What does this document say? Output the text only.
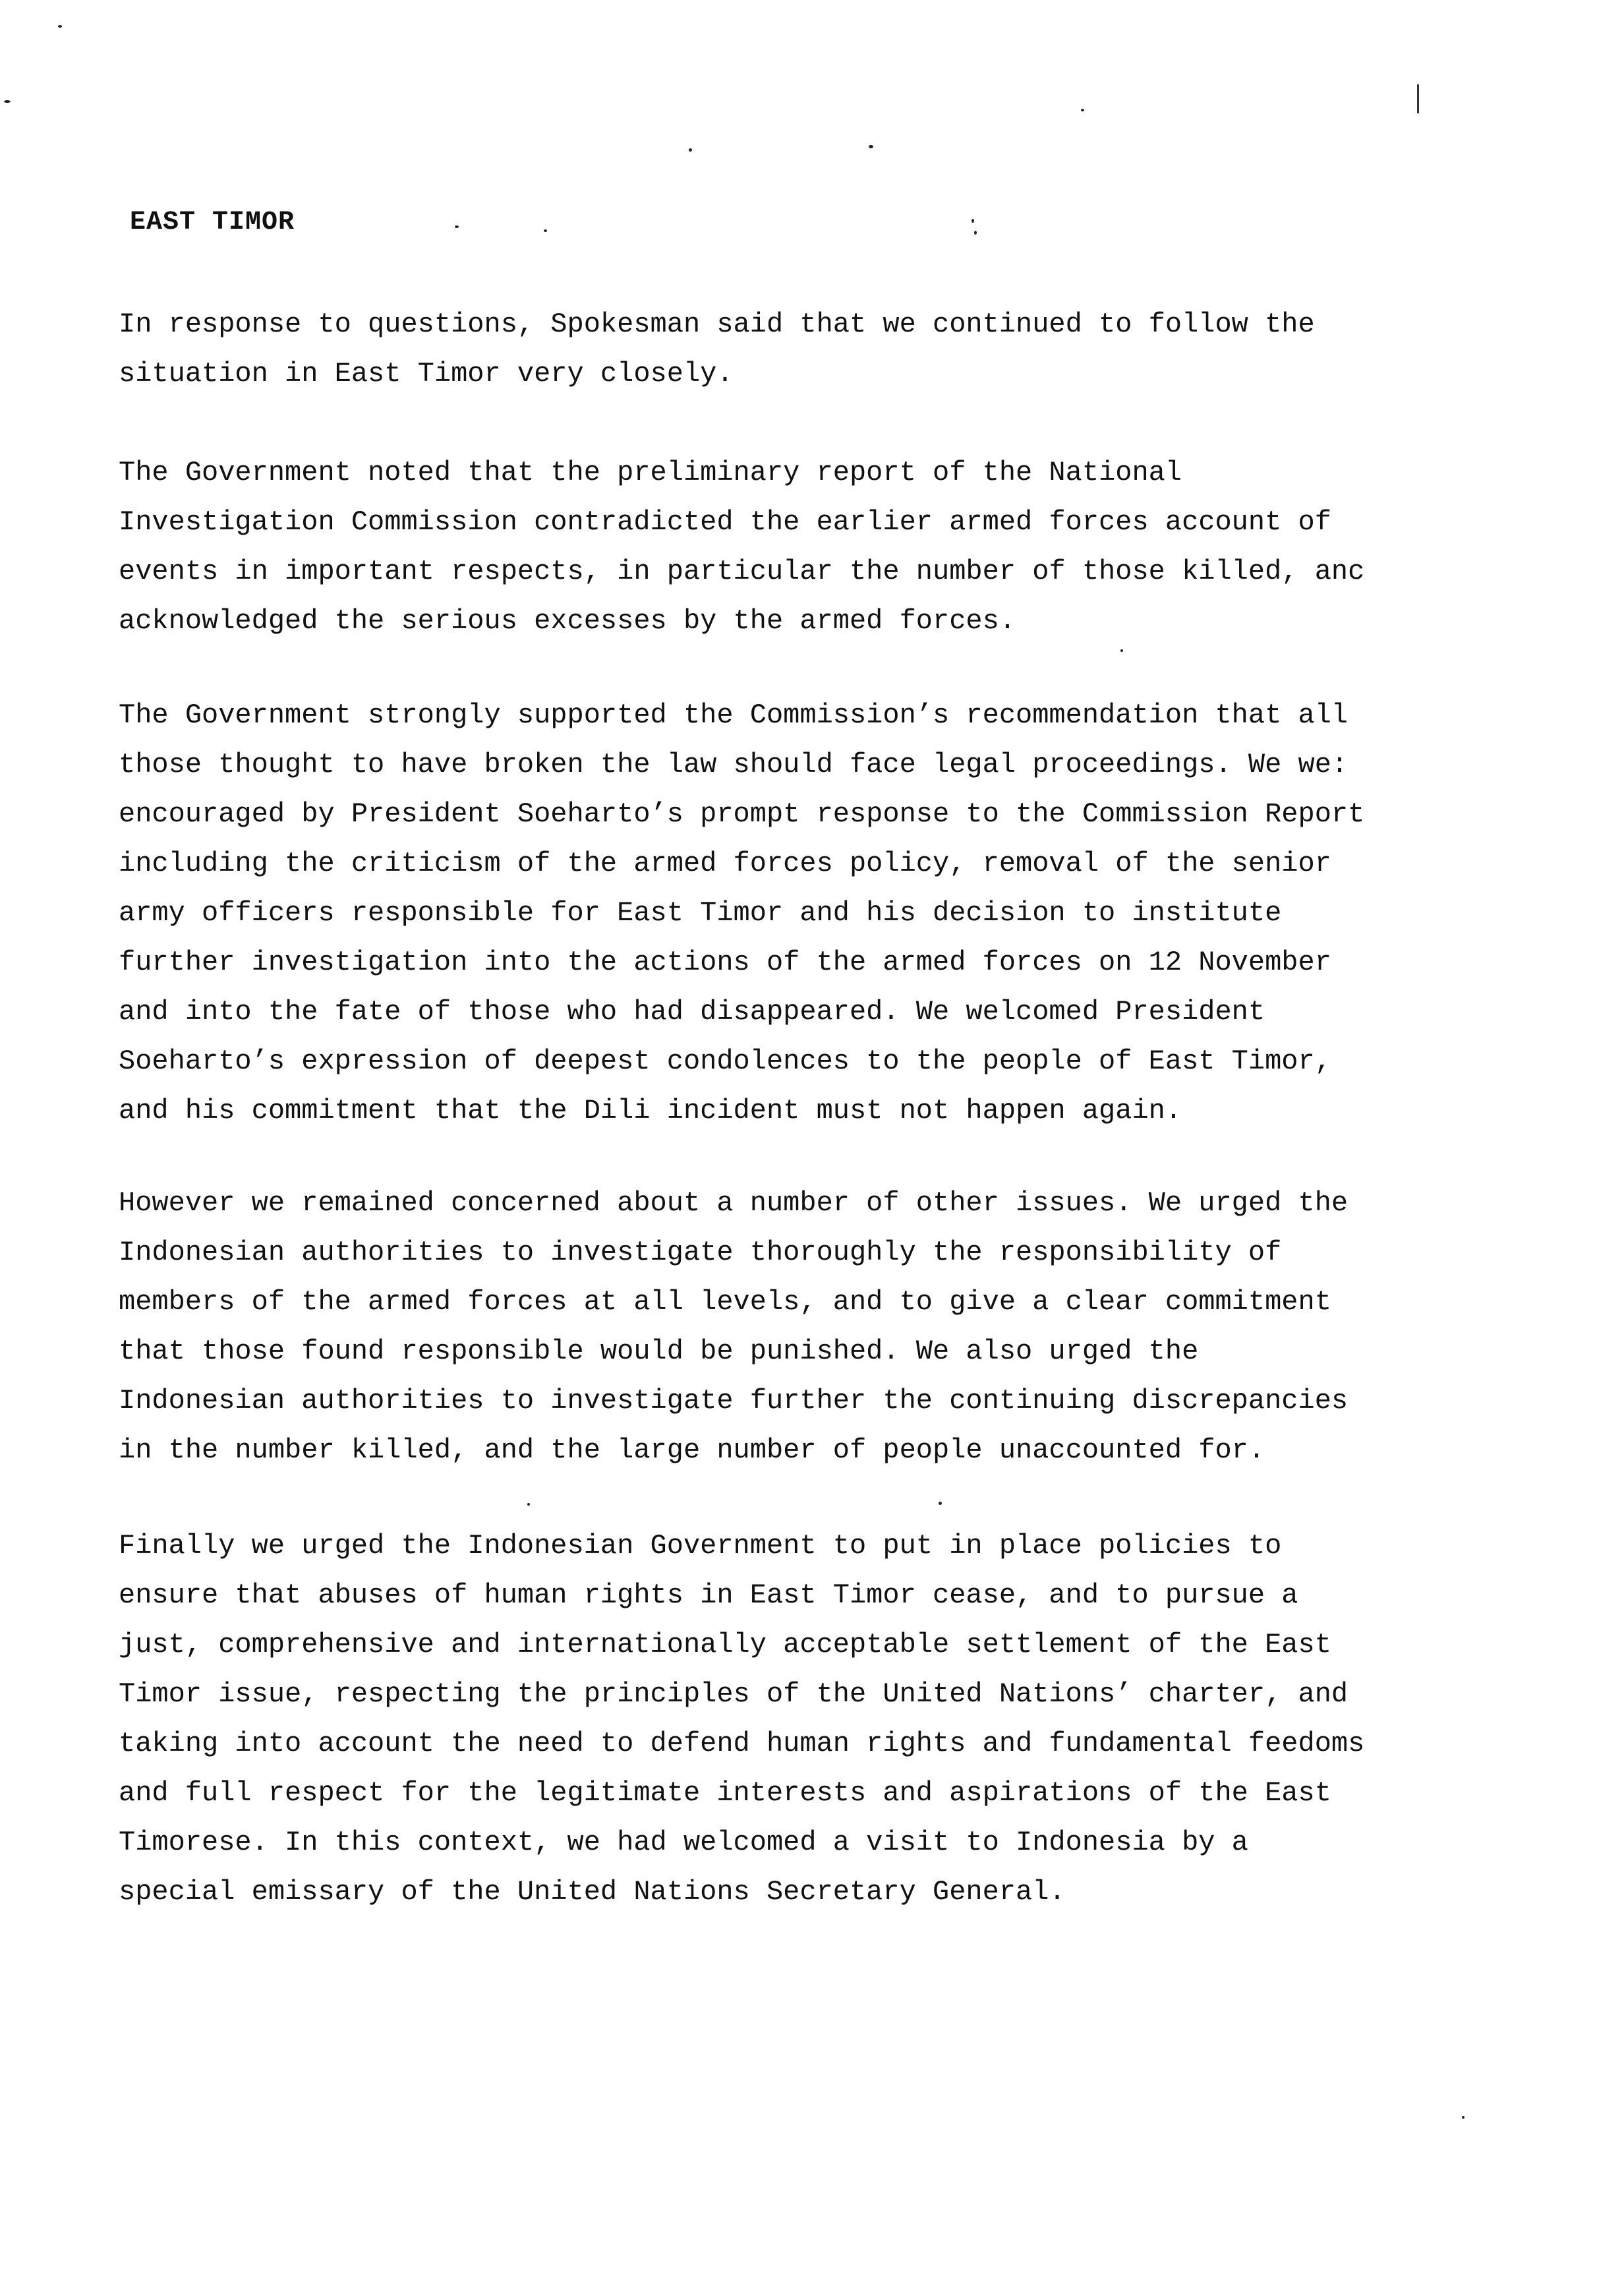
EAST TIMOR
In response to questions, Spokesman said that we continued to follow the
situation in East Timor very closely.
The Government noted that the preliminary report of the National
Investigation Commission contradicted the earlier armed forces account of
events in important respects, in particular the number of those killed, anc
acknowledged the serious excesses by the armed forces.
The Government strongly supported the Commission’s recommendation that all
those thought to have broken the law should face legal proceedings. We we:
encouraged by President Soeharto’s prompt response to the Commission Report
including the criticism of the armed forces policy, removal of the senior
army officers responsible for East Timor and his decision to institute
further investigation into the actions of the armed forces on 12 November
and into the fate of those who had disappeared. We welcomed President
Soeharto’s expression of deepest condolences to the people of East Timor,
and his commitment that the Dili incident must not happen again.
However we remained concerned about a number of other issues. We urged the
Indonesian authorities to investigate thoroughly the responsibility of
members of the armed forces at all levels, and to give a clear commitment
that those found responsible would be punished. We also urged the
Indonesian authorities to investigate further the continuing discrepancies
in the number killed, and the large number of people unaccounted for.
Finally we urged the Indonesian Government to put in place policies to
ensure that abuses of human rights in East Timor cease, and to pursue a
just, comprehensive and internationally acceptable settlement of the East
Timor issue, respecting the principles of the United Nations’ charter, and
taking into account the need to defend human rights and fundamental feedoms
and full respect for the legitimate interests and aspirations of the East
Timorese. In this context, we had welcomed a visit to Indonesia by a
special emissary of the United Nations Secretary General.
